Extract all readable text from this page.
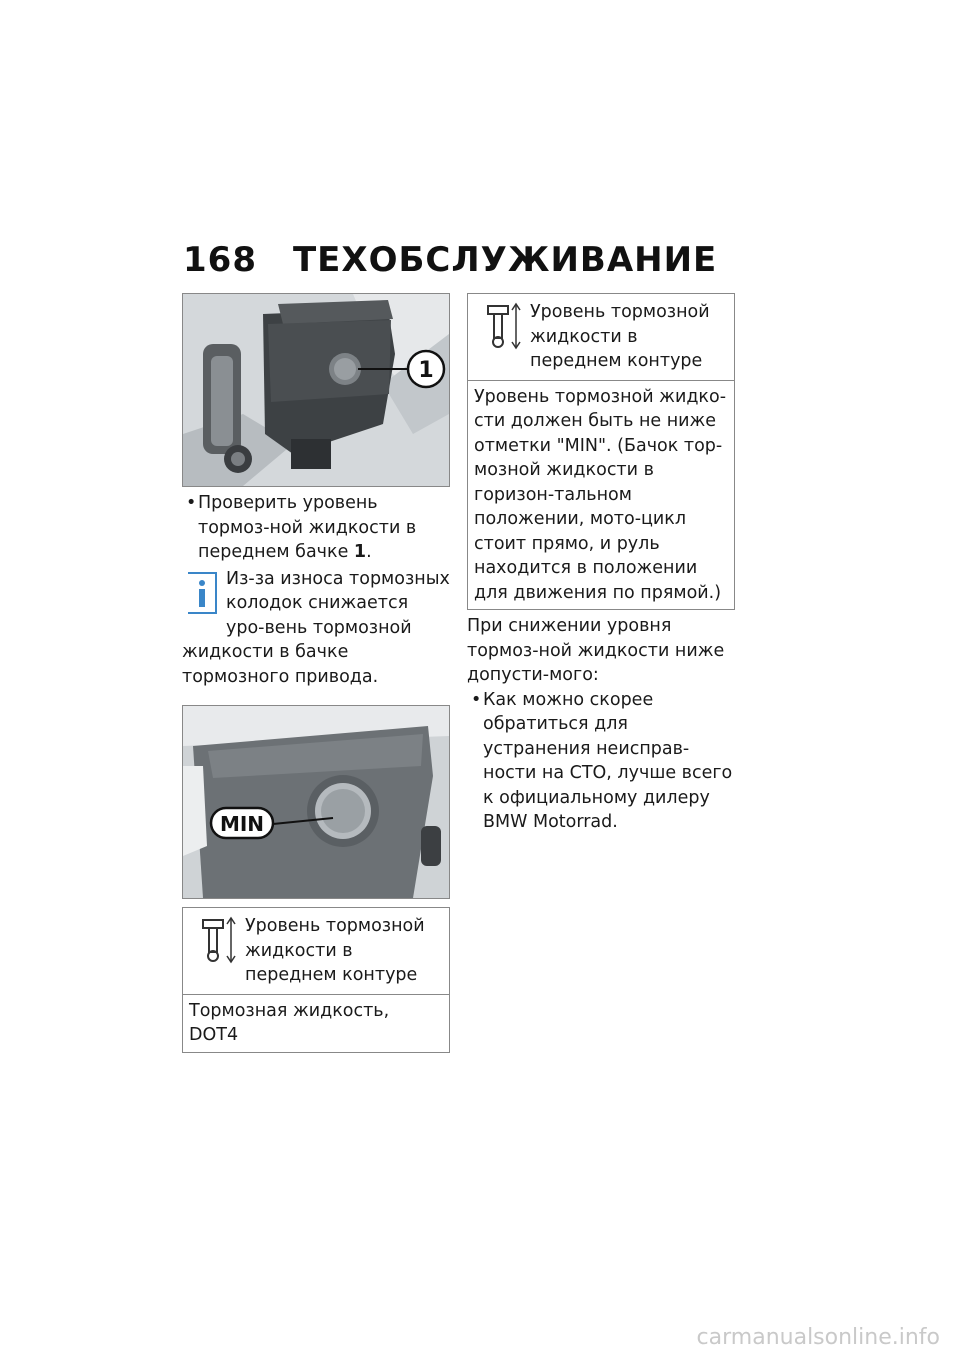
168 ТЕХОБСЛУЖИВАНИЕ
1

•Проверить уровень тормоз-ной жидкости в переднем бачке 1.

Из-за износа тормозных колодок снижается уро-вень тормозной жидкости в бачке тормозного привода.
MIN
Уровень тормозной жидкости в переднем контуре
Тормозная жидкость, DOT4
Уровень тормозной жидкости в переднем контуре
Уровень тормозной жидко-сти должен быть не ниже отметки "MIN". (Бачок тор-мозной жидкости в горизон-тальном положении, мото-цикл стоит прямо, и руль находится в положении для движения по прямой.)

При снижении уровня тормоз-ной жидкости ниже допусти-мого:

•Как можно скорее обратиться для устранения неисправ-ности на СТО, лучше всего к официальному дилеру BMW Motorrad.

carmanualsonline.info
